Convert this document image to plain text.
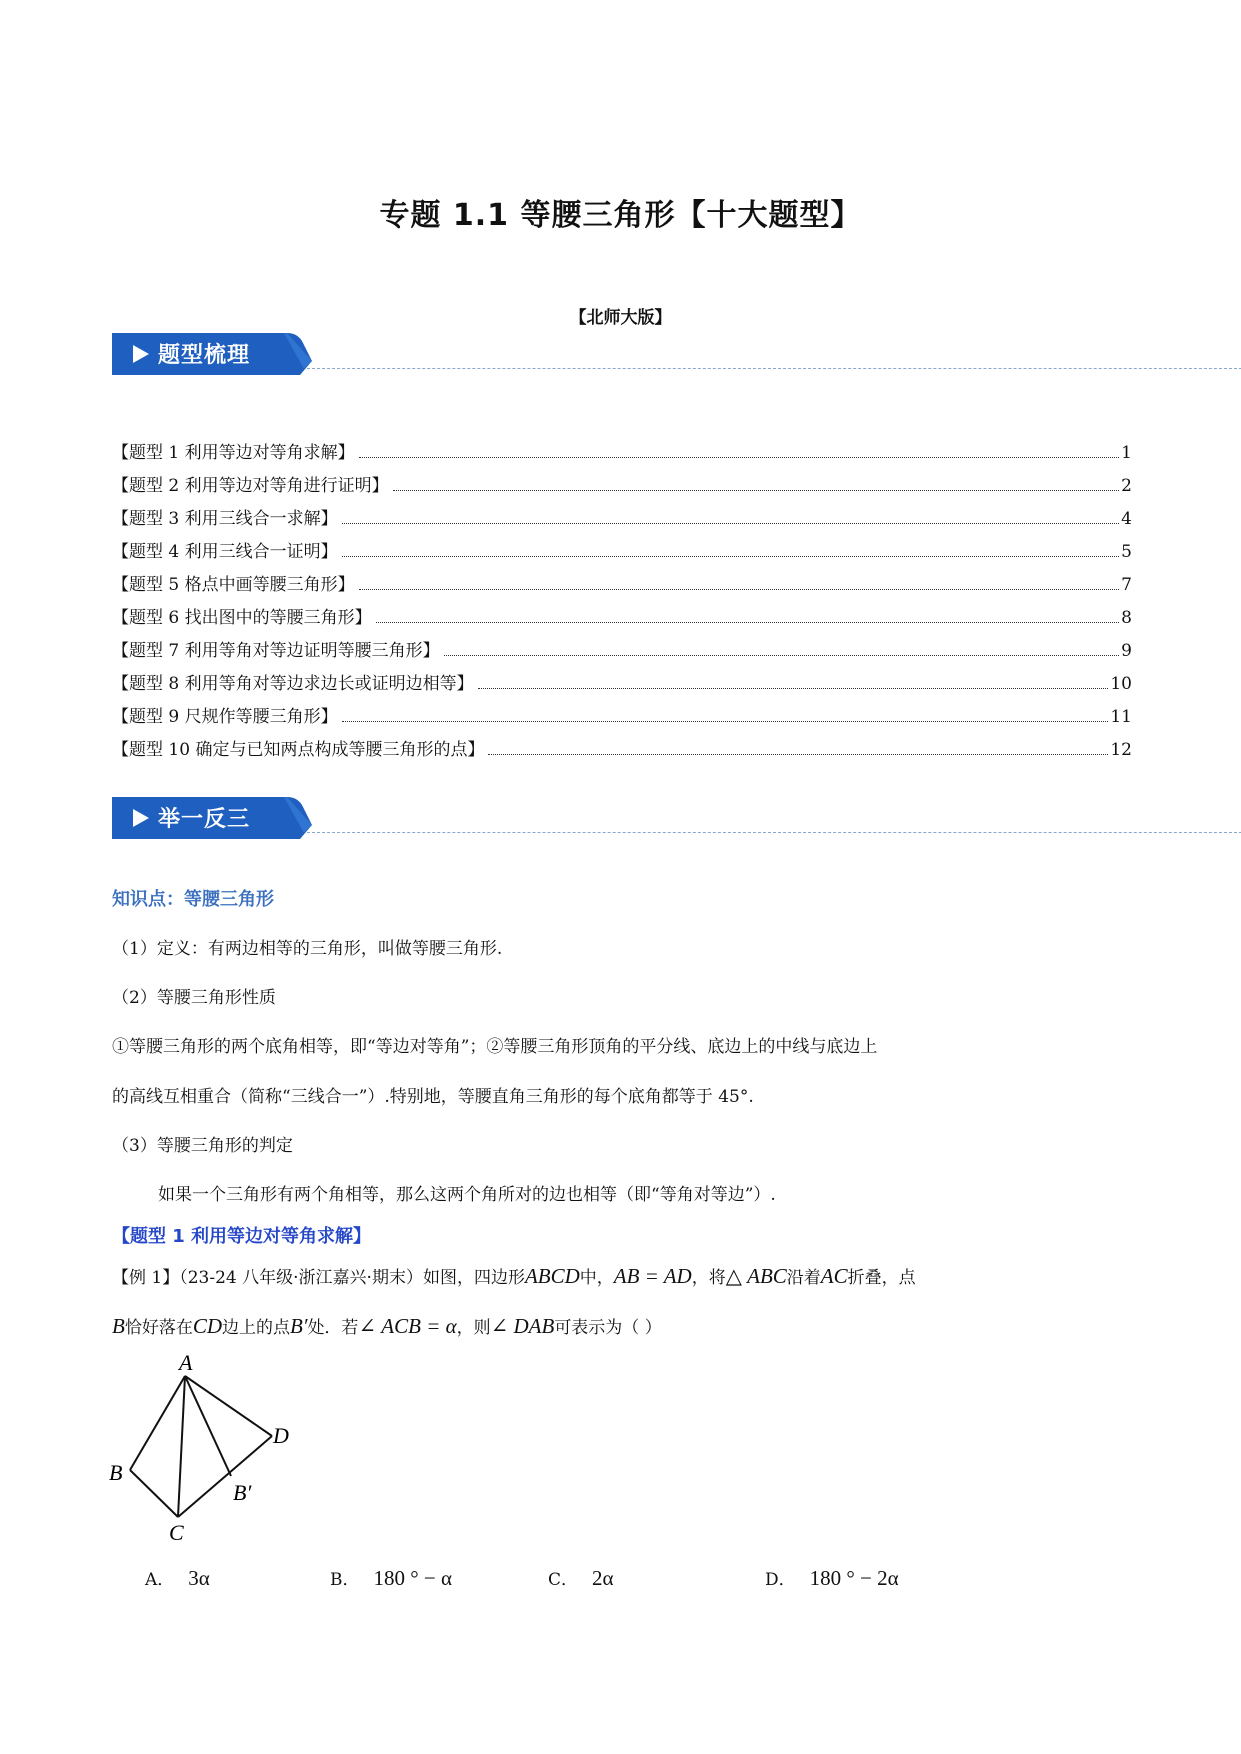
专题 1.1 等腰三角形【十大题型】
【北师大版】
题型梳理
【题型 1 利用等边对等角求解】	1
【题型 2 利用等边对等角进行证明】	2
【题型 3 利用三线合一求解】	4
【题型 4 利用三线合一证明】	5
【题型 5 格点中画等腰三角形】	7
【题型 6 找出图中的等腰三角形】	8
【题型 7 利用等角对等边证明等腰三角形】	9
【题型 8 利用等角对等边求边长或证明边相等】	10
【题型 9 尺规作等腰三角形】	11
【题型 10 确定与已知两点构成等腰三角形的点】	12
举一反三
知识点：等腰三角形
（1）定义：有两边相等的三角形，叫做等腰三角形.
（2）等腰三角形性质
①等腰三角形的两个底角相等，即“等边对等角”；②等腰三角形顶角的平分线、底边上的中线与底边上
的高线互相重合（简称“三线合一”）.特别地，等腰直角三角形的每个底角都等于 45°.
（3）等腰三角形的判定
如果一个三角形有两个角相等，那么这两个角所对的边也相等（即“等角对等边”）.
【题型 1 利用等边对等角求解】
【例 1】（23-24 八年级·浙江嘉兴·期末）如图，四边形ABCD中，AB = AD，将△ ABC沿着AC折叠，点
B恰好落在CD边上的点B′处．若∠ ACB = α，则∠ DAB可表示为（ ）
A
B
C
D
B′
A． 3α	B． 180 ° − α	C． 2α	D． 180 ° − 2α
